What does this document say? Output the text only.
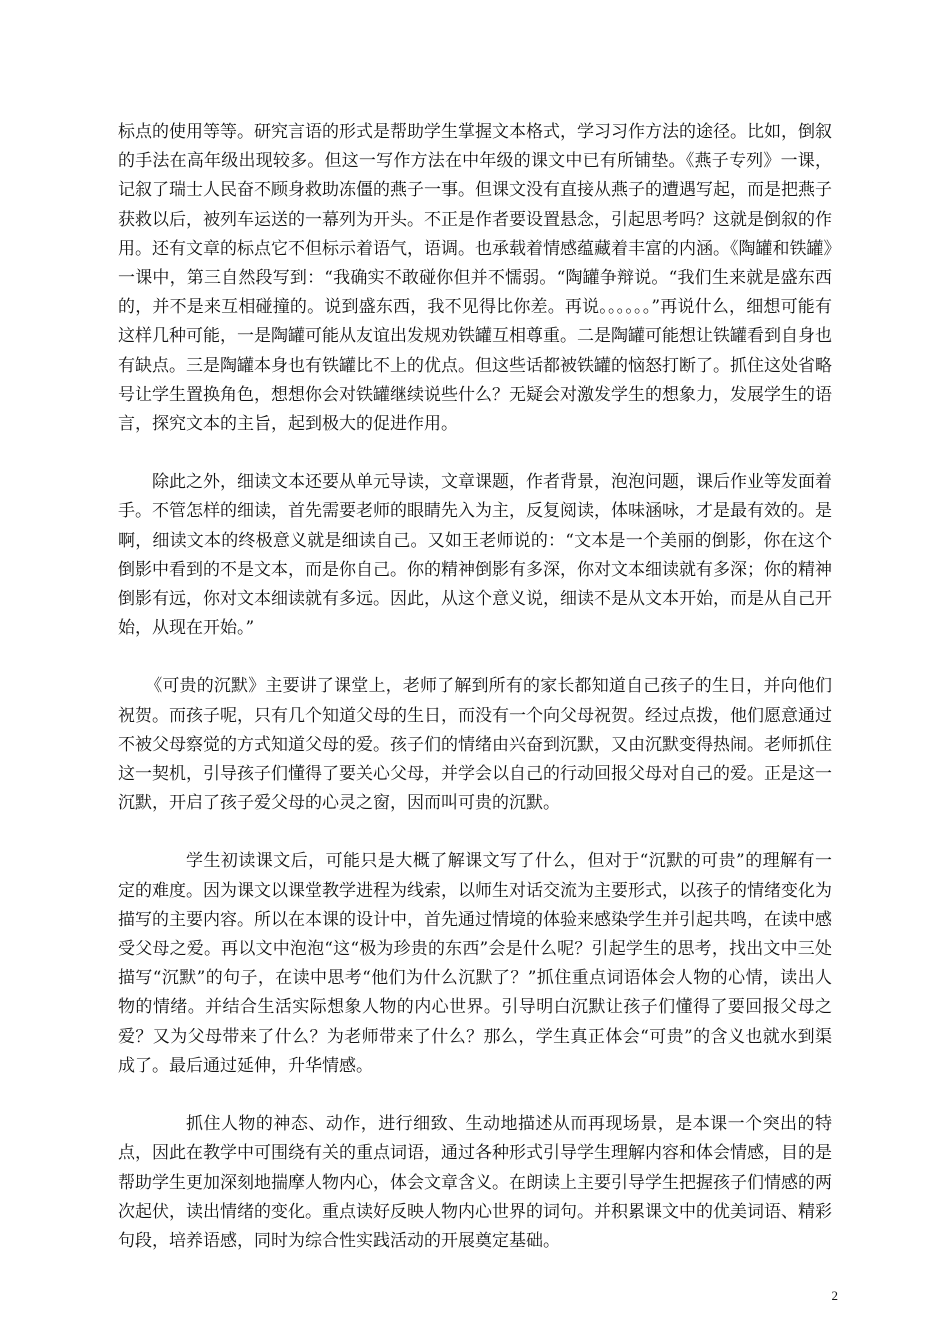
标点的使用等等。研究言语的形式是帮助学生掌握文本格式，学习习作方法的途径。比如，倒叙的手法在高年级出现较多。但这一写作方法在中年级的课文中已有所铺垫。《燕子专列》一课，记叙了瑞士人民奋不顾身救助冻僵的燕子一事。但课文没有直接从燕子的遭遇写起，而是把燕子获救以后，被列车运送的一幕列为开头。不正是作者要设置悬念，引起思考吗？这就是倒叙的作用。还有文章的标点它不但标示着语气，语调。也承载着情感蕴藏着丰富的内涵。《陶罐和铁罐》一课中，第三自然段写到：“我确实不敢碰你但并不懦弱。“陶罐争辩说。“我们生来就是盛东西的，并不是来互相碰撞的。说到盛东西，我不见得比你差。再说。。。。。。”再说什么，细想可能有这样几种可能，一是陶罐可能从友谊出发规劝铁罐互相尊重。二是陶罐可能想让铁罐看到自身也有缺点。三是陶罐本身也有铁罐比不上的优点。但这些话都被铁罐的恼怒打断了。抓住这处省略号让学生置换角色，想想你会对铁罐继续说些什么？无疑会对激发学生的想象力，发展学生的语言，探究文本的主旨，起到极大的促进作用。

除此之外，细读文本还要从单元导读，文章课题，作者背景，泡泡问题，课后作业等发面着手。不管怎样的细读，首先需要老师的眼睛先入为主，反复阅读，体味涵咏，才是最有效的。是啊，细读文本的终极意义就是细读自己。又如王老师说的：“文本是一个美丽的倒影，你在这个倒影中看到的不是文本，而是你自己。你的精神倒影有多深，你对文本细读就有多深；你的精神倒影有远，你对文本细读就有多远。因此，从这个意义说，细读不是从文本开始，而是从自己开始，从现在开始。”

《可贵的沉默》主要讲了课堂上，老师了解到所有的家长都知道自己孩子的生日，并向他们祝贺。而孩子呢，只有几个知道父母的生日，而没有一个向父母祝贺。经过点拨，他们愿意通过不被父母察觉的方式知道父母的爱。孩子们的情绪由兴奋到沉默，又由沉默变得热闹。老师抓住这一契机，引导孩子们懂得了要关心父母，并学会以自己的行动回报父母对自己的爱。正是这一沉默，开启了孩子爱父母的心灵之窗，因而叫可贵的沉默。

学生初读课文后，可能只是大概了解课文写了什么，但对于“沉默的可贵”的理解有一定的难度。因为课文以课堂教学进程为线索，以师生对话交流为主要形式，以孩子的情绪变化为描写的主要内容。所以在本课的设计中，首先通过情境的体验来感染学生并引起共鸣，在读中感受父母之爱。再以文中泡泡“这“极为珍贵的东西”会是什么呢？引起学生的思考，找出文中三处描写“沉默”的句子，在读中思考“他们为什么沉默了？”抓住重点词语体会人物的心情，读出人物的情绪。并结合生活实际想象人物的内心世界。引导明白沉默让孩子们懂得了要回报父母之爱？又为父母带来了什么？为老师带来了什么？那么，学生真正体会“可贵”的含义也就水到渠成了。最后通过延伸，升华情感。

抓住人物的神态、动作，进行细致、生动地描述从而再现场景，是本课一个突出的特点，因此在教学中可围绕有关的重点词语，通过各种形式引导学生理解内容和体会情感，目的是帮助学生更加深刻地揣摩人物内心，体会文章含义。在朗读上主要引导学生把握孩子们情感的两次起伏，读出情绪的变化。重点读好反映人物内心世界的词句。并积累课文中的优美词语、精彩句段，培养语感，同时为综合性实践活动的开展奠定基础。

2
